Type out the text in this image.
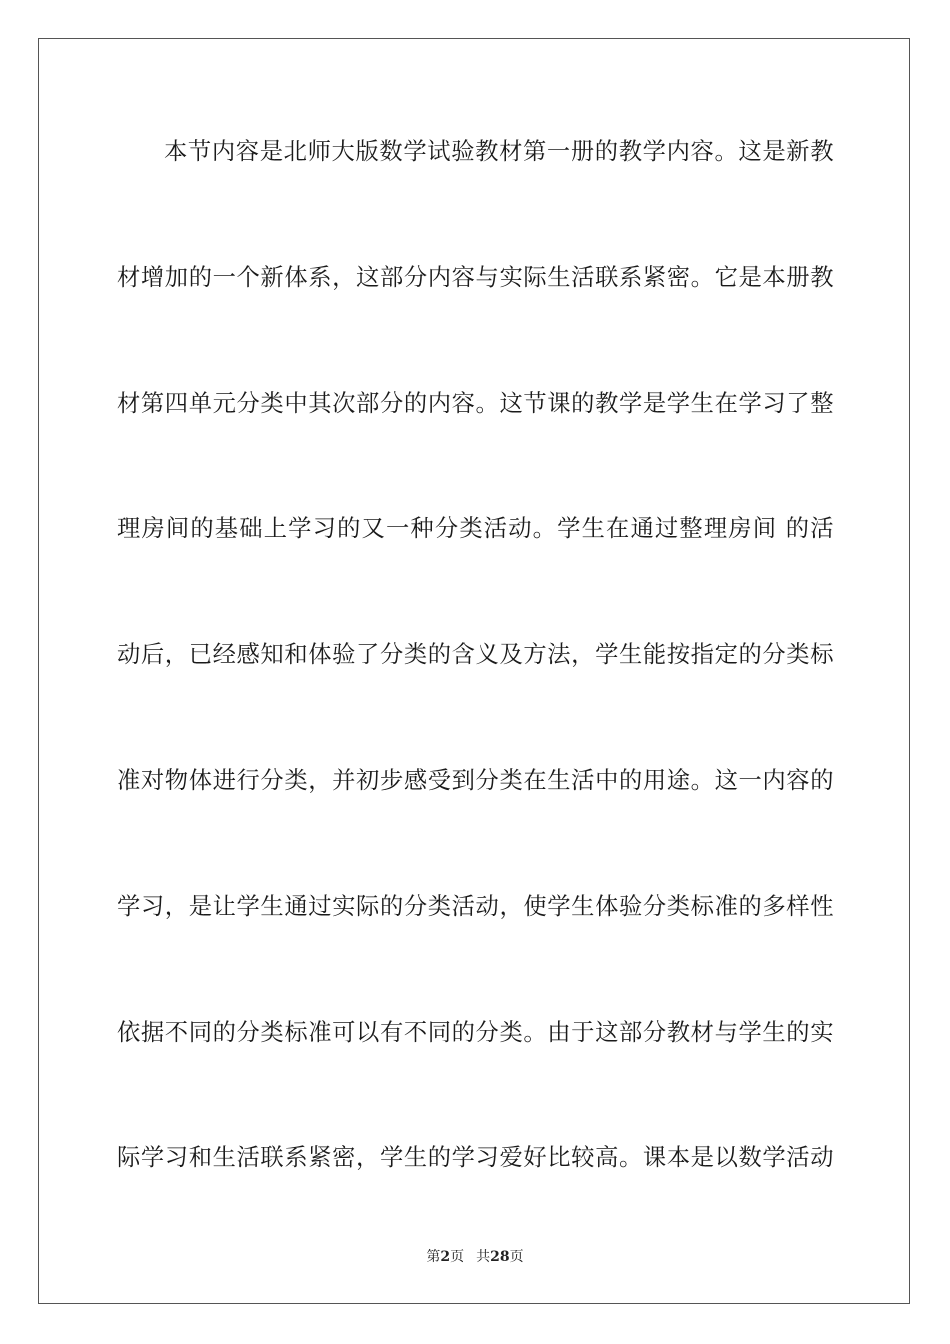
本节内容是北师大版数学试验教材第一册的教学内容。这是新教
材增加的一个新体系，这部分内容与实际生活联系紧密。它是本册教
材第四单元分类中其次部分的内容。这节课的教学是学生在学习了整
理房间的基础上学习的又一种分类活动。学生在通过整理房间 的活
动后，已经感知和体验了分类的含义及方法，学生能按指定的分类标
准对物体进行分类，并初步感受到分类在生活中的用途。这一内容的
学习，是让学生通过实际的分类活动，使学生体验分类标准的多样性
依据不同的分类标准可以有不同的分类。由于这部分教材与学生的实
际学习和生活联系紧密，学生的学习爱好比较高。课本是以数学活动
第2页 共28页
